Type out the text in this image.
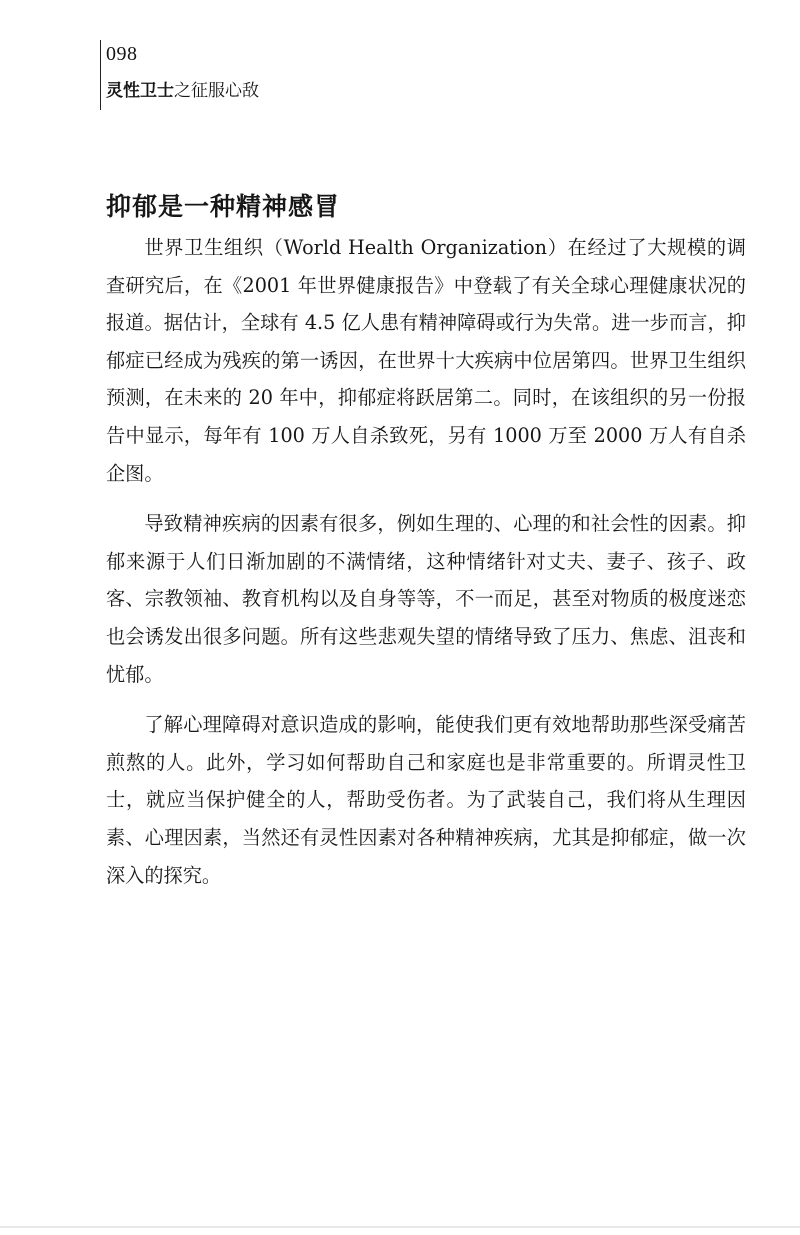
098
灵性卫士之征服心敌
抑郁是一种精神感冒

世界卫生组织（World Health Organization）在经过了大规模的调查研究后，在《2001 年世界健康报告》中登载了有关全球心理健康状况的报道。据估计，全球有 4.5 亿人患有精神障碍或行为失常。进一步而言，抑郁症已经成为残疾的第一诱因，在世界十大疾病中位居第四。世界卫生组织预测，在未来的 20 年中，抑郁症将跃居第二。同时，在该组织的另一份报告中显示，每年有 100 万人自杀致死，另有 1000 万至 2000 万人有自杀企图。

导致精神疾病的因素有很多，例如生理的、心理的和社会性的因素。抑郁来源于人们日渐加剧的不满情绪，这种情绪针对丈夫、妻子、孩子、政客、宗教领袖、教育机构以及自身等等，不一而足，甚至对物质的极度迷恋也会诱发出很多问题。所有这些悲观失望的情绪导致了压力、焦虑、沮丧和忧郁。

了解心理障碍对意识造成的影响，能使我们更有效地帮助那些深受痛苦煎熬的人。此外，学习如何帮助自己和家庭也是非常重要的。所谓灵性卫士，就应当保护健全的人，帮助受伤者。为了武装自己，我们将从生理因素、心理因素，当然还有灵性因素对各种精神疾病，尤其是抑郁症，做一次深入的探究。
